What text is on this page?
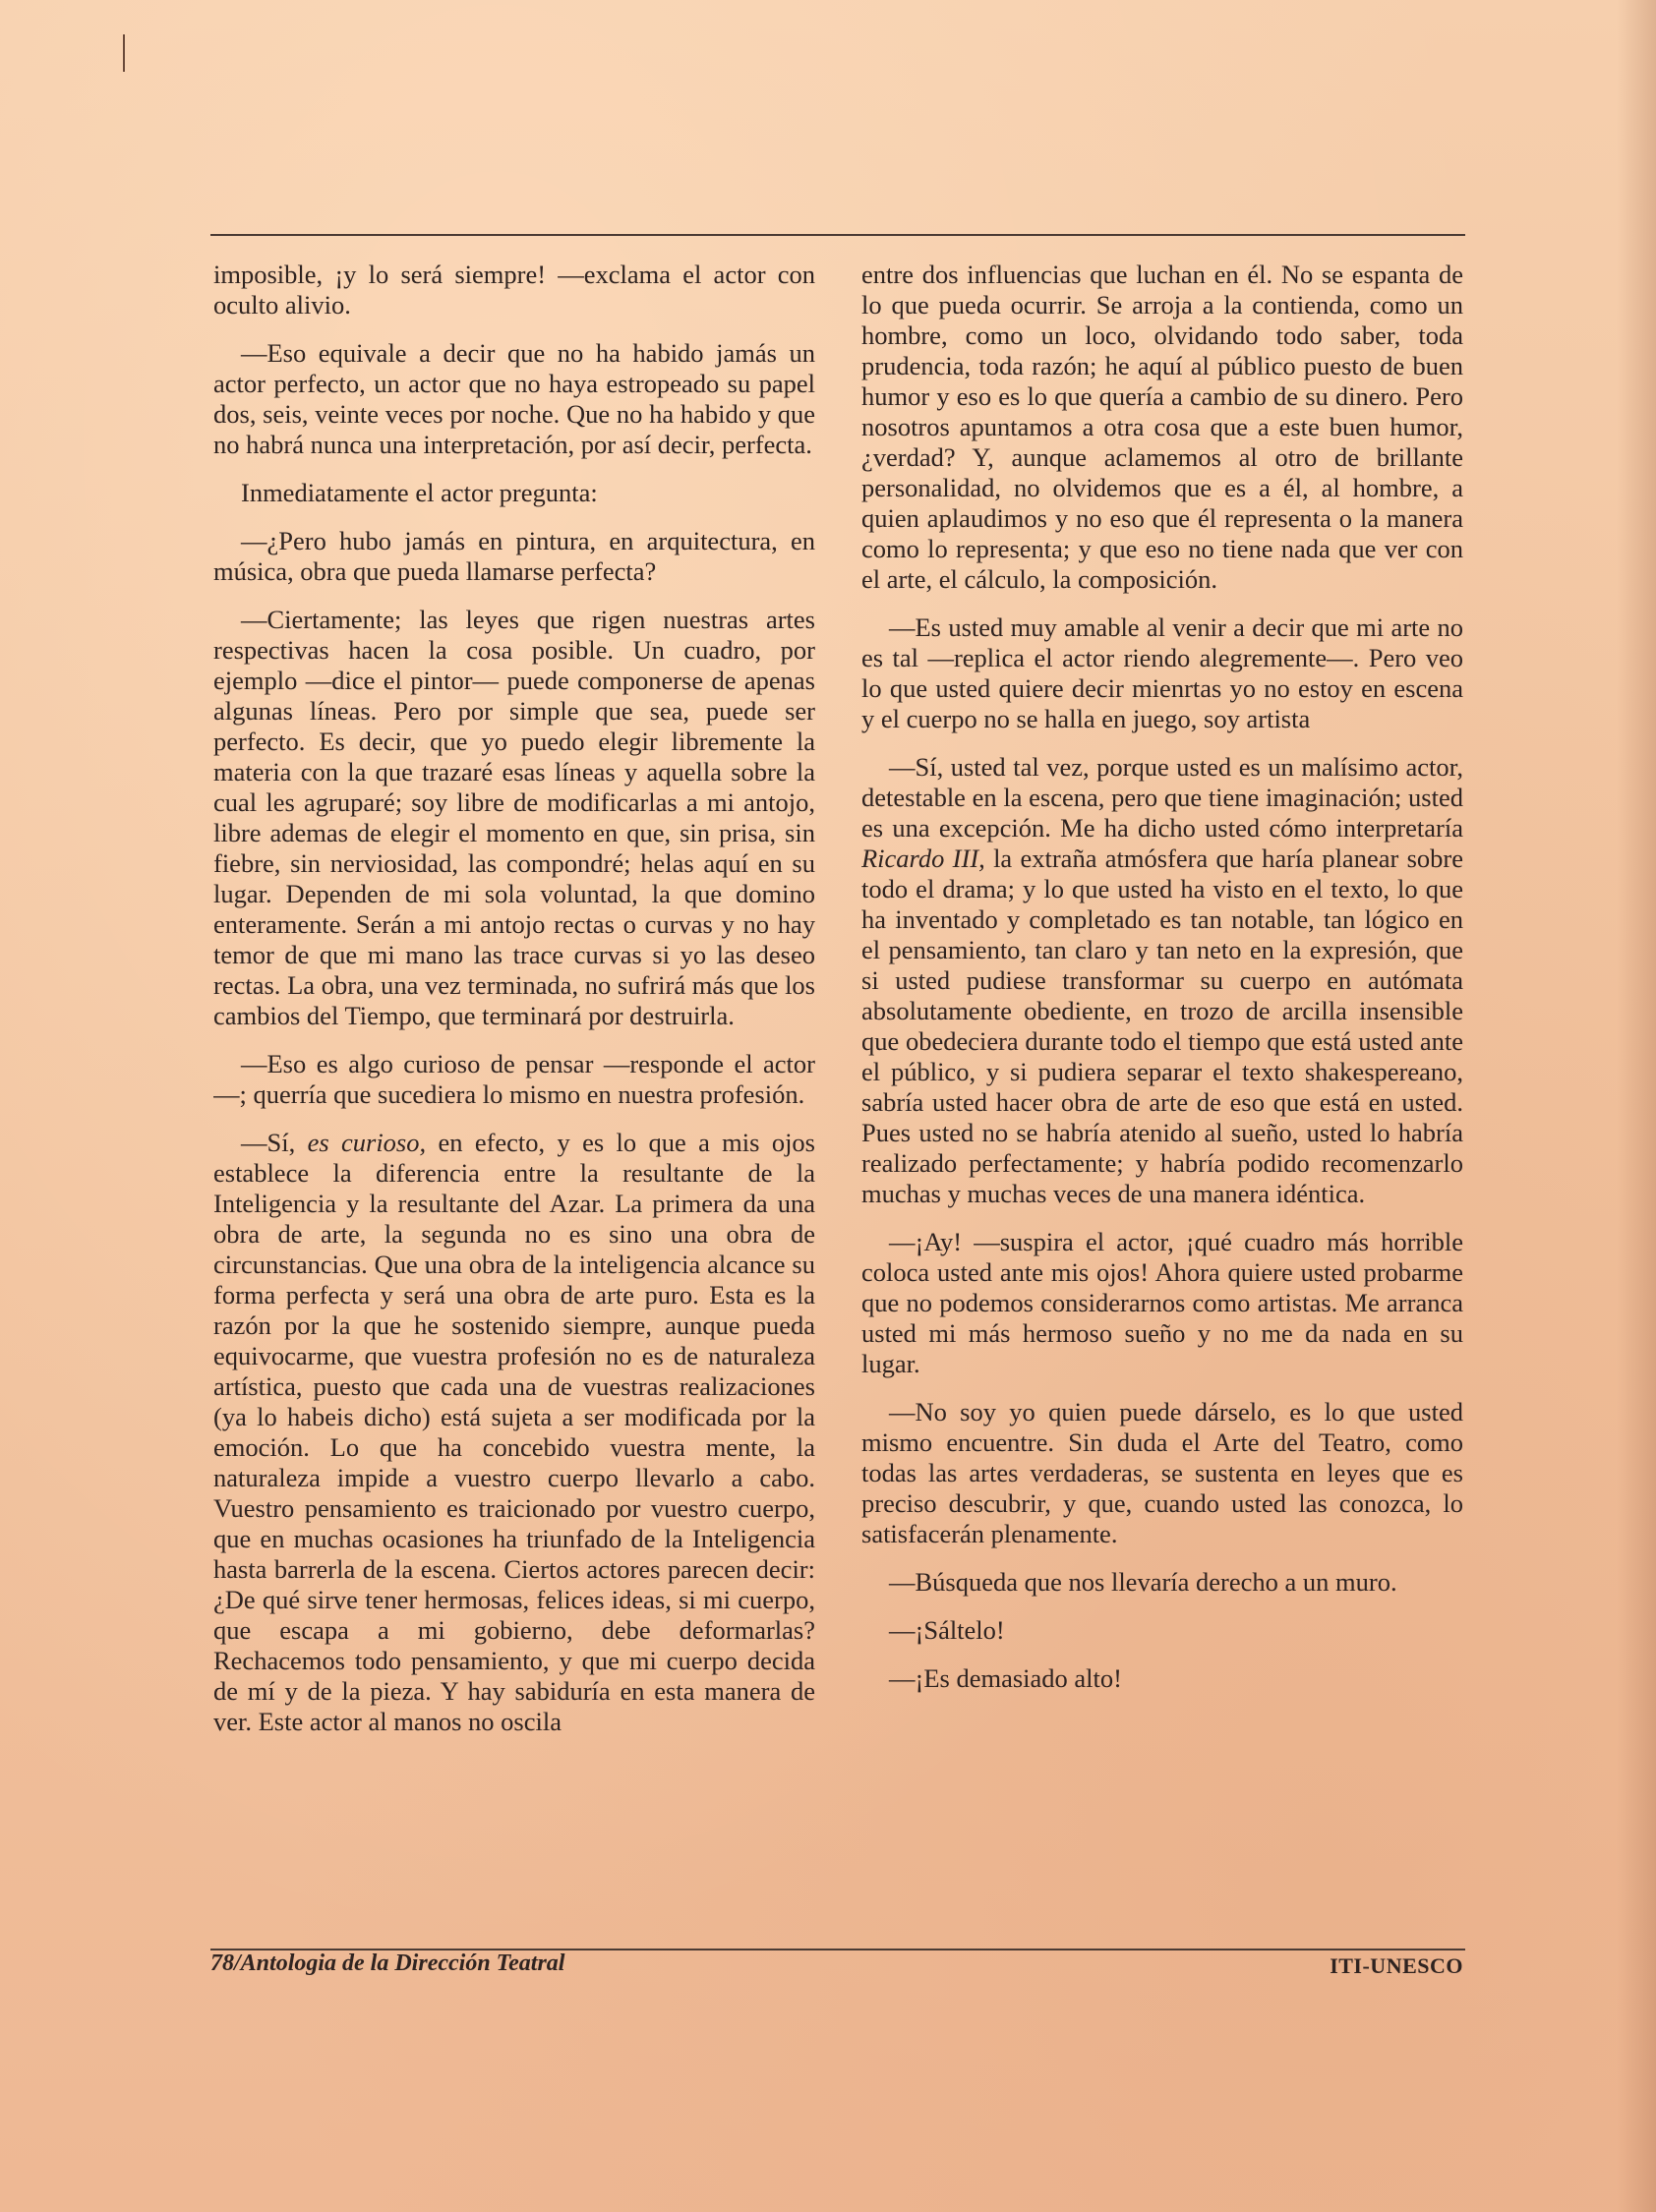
imposible, ¡y lo será siempre! —exclama el actor con oculto alivio.

—Eso equivale a decir que no ha habido jamás un actor perfecto, un actor que no haya estropeado su papel dos, seis, veinte veces por noche. Que no ha habido y que no habrá nunca una interpretación, por así decir, perfecta.

Inmediatamente el actor pregunta:

—¿Pero hubo jamás en pintura, en arquitectura, en música, obra que pueda llamarse perfecta?

—Ciertamente; las leyes que rigen nuestras artes respectivas hacen la cosa posible. Un cuadro, por ejemplo —dice el pintor— puede componerse de apenas algunas líneas. Pero por simple que sea, puede ser perfecto. Es decir, que yo puedo elegir libremente la materia con la que trazaré esas líneas y aquella sobre la cual les agruparé; soy libre de modificarlas a mi antojo, libre ademas de elegir el momento en que, sin prisa, sin fiebre, sin nerviosidad, las compondré; helas aquí en su lugar. Dependen de mi sola voluntad, la que domino enteramente. Serán a mi antojo rectas o curvas y no hay temor de que mi mano las trace curvas si yo las deseo rectas. La obra, una vez terminada, no sufrirá más que los cambios del Tiempo, que terminará por destruirla.

—Eso es algo curioso de pensar —responde el actor—; querría que sucediera lo mismo en nuestra profesión.

—Sí, es curioso, en efecto, y es lo que a mis ojos establece la diferencia entre la resultante de la Inteligencia y la resultante del Azar. La primera da una obra de arte, la segunda no es sino una obra de circunstancias. Que una obra de la inteligencia alcance su forma perfecta y será una obra de arte puro. Esta es la razón por la que he sostenido siempre, aunque pueda equivocarme, que vuestra profesión no es de naturaleza artística, puesto que cada una de vuestras realizaciones (ya lo habeis dicho) está sujeta a ser modificada por la emoción. Lo que ha concebido vuestra mente, la naturaleza impide a vuestro cuerpo llevarlo a cabo. Vuestro pensamiento es traicionado por vuestro cuerpo, que en muchas ocasiones ha triunfado de la Inteligencia hasta barrerla de la escena. Ciertos actores parecen decir: ¿De qué sirve tener hermosas, felices ideas, si mi cuerpo, que escapa a mi gobierno, debe deformarlas? Rechacemos todo pensamiento, y que mi cuerpo decida de mí y de la pieza. Y hay sabiduría en esta manera de ver. Este actor al manos no oscila

entre dos influencias que luchan en él. No se espanta de lo que pueda ocurrir. Se arroja a la contienda, como un hombre, como un loco, olvidando todo saber, toda prudencia, toda razón; he aquí al público puesto de buen humor y eso es lo que quería a cambio de su dinero. Pero nosotros apuntamos a otra cosa que a este buen humor, ¿verdad? Y, aunque aclamemos al otro de brillante personalidad, no olvidemos que es a él, al hombre, a quien aplaudimos y no eso que él representa o la manera como lo representa; y que eso no tiene nada que ver con el arte, el cálculo, la composición.

—Es usted muy amable al venir a decir que mi arte no es tal —replica el actor riendo alegremente—. Pero veo lo que usted quiere decir mienrtas yo no estoy en escena y el cuerpo no se halla en juego, soy artista

—Sí, usted tal vez, porque usted es un malísimo actor, detestable en la escena, pero que tiene imaginación; usted es una excepción. Me ha dicho usted cómo interpretaría Ricardo III, la extraña atmósfera que haría planear sobre todo el drama; y lo que usted ha visto en el texto, lo que ha inventado y completado es tan notable, tan lógico en el pensamiento, tan claro y tan neto en la expresión, que si usted pudiese transformar su cuerpo en autómata absolutamente obediente, en trozo de arcilla insensible que obedeciera durante todo el tiempo que está usted ante el público, y si pudiera separar el texto shakespereano, sabría usted hacer obra de arte de eso que está en usted. Pues usted no se habría atenido al sueño, usted lo habría realizado perfectamente; y habría podido recomenzarlo muchas y muchas veces de una manera idéntica.

—¡Ay! —suspira el actor, ¡qué cuadro más horrible coloca usted ante mis ojos! Ahora quiere usted probarme que no podemos considerarnos como artistas. Me arranca usted mi más hermoso sueño y no me da nada en su lugar.

—No soy yo quien puede dárselo, es lo que usted mismo encuentre. Sin duda el Arte del Teatro, como todas las artes verdaderas, se sustenta en leyes que es preciso descubrir, y que, cuando usted las conozca, lo satisfacerán plenamente.

—Búsqueda que nos llevaría derecho a un muro.

—¡Sáltelo!

—¡Es demasiado alto!

78/Antologia de la Dirección Teatral	ITI-UNESCO
